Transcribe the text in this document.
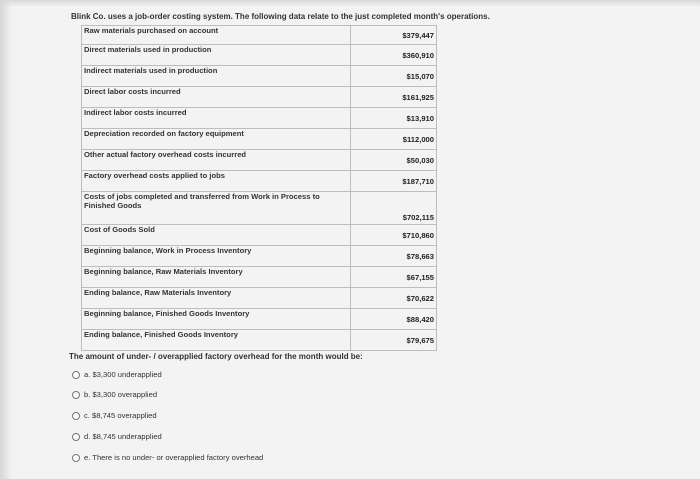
Blink Co. uses a job-order costing system. The following data relate to the just completed month's operations.
Raw materials purchased on account	$379,447

Direct materials used in production	$360,910

Indirect materials used in production	$15,070

Direct labor costs incurred	$161,925

Indirect labor costs incurred	$13,910

Depreciation recorded on factory equipment	$112,000

Other actual factory overhead costs incurred	$50,030

Factory overhead costs applied to jobs	$187,710

Costs of jobs completed and transferred from Work in Process to Finished Goods	$702,115

Cost of Goods Sold	$710,860

Beginning balance, Work in Process Inventory	$78,663

Beginning balance, Raw Materials Inventory	$67,155

Ending balance, Raw Materials Inventory	$70,622

Beginning balance, Finished Goods Inventory	$88,420

Ending balance, Finished Goods Inventory	$79,675
The amount of under- / overapplied factory overhead for the month would be:
a. $3,300 underapplied
b. $3,300 overapplied
c. $8,745 overapplied
d. $8,745 underapplied
e. There is no under- or overapplied factory overhead
